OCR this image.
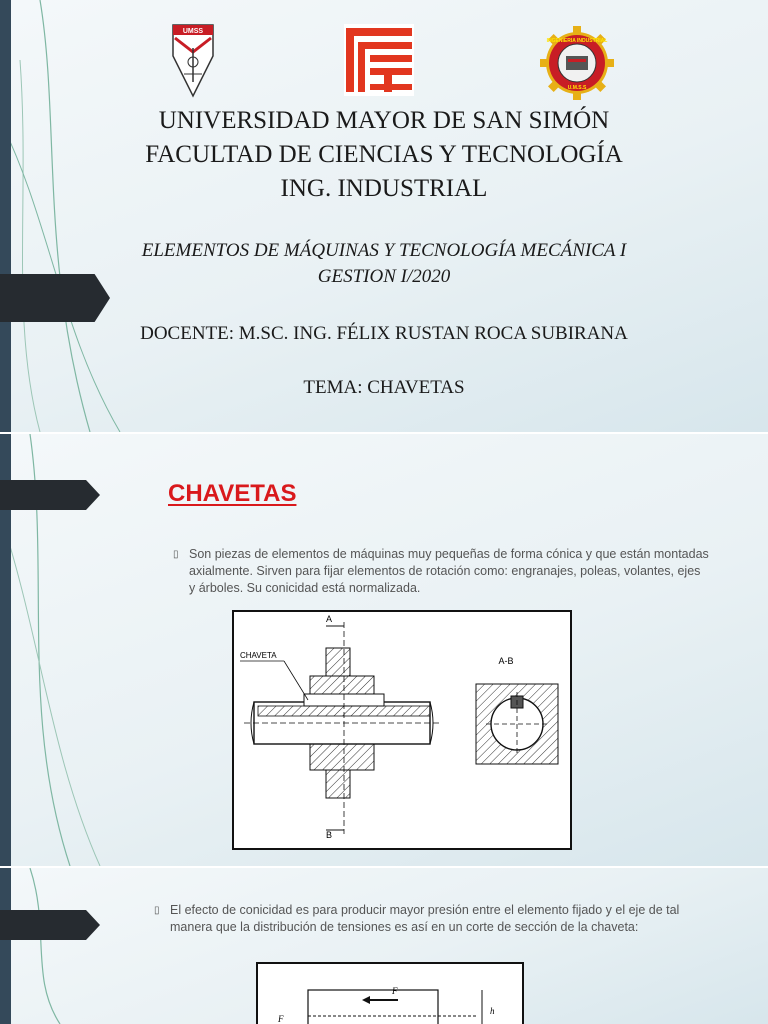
UMSS
INGENIERIA INDUSTRIAL
U.M.S.S

UNIVERSIDAD MAYOR DE SAN SIMÓN

FACULTAD DE CIENCIAS Y TECNOLOGÍA

ING. INDUSTRIAL

ELEMENTOS DE MÁQUINAS Y TECNOLOGÍA MECÁNICA I

GESTION I/2020

DOCENTE: M.SC. ING. FÉLIX RUSTAN ROCA SUBIRANA

TEMA: CHAVETAS

CHAVETAS
▯ Son piezas de elementos de máquinas muy pequeñas de forma cónica y que están montadas axialmente. Sirven para fijar elementos de rotación como: engranajes, poleas, volantes, ejes y árboles. Su conicidad está normalizada.
A
B
CHAVETA
A-B
▯ El efecto de conicidad es para producir mayor presión entre el elemento fijado y el eje de tal manera que la distribución de tensiones es así en un corte de sección de la chaveta:
F
F
h
